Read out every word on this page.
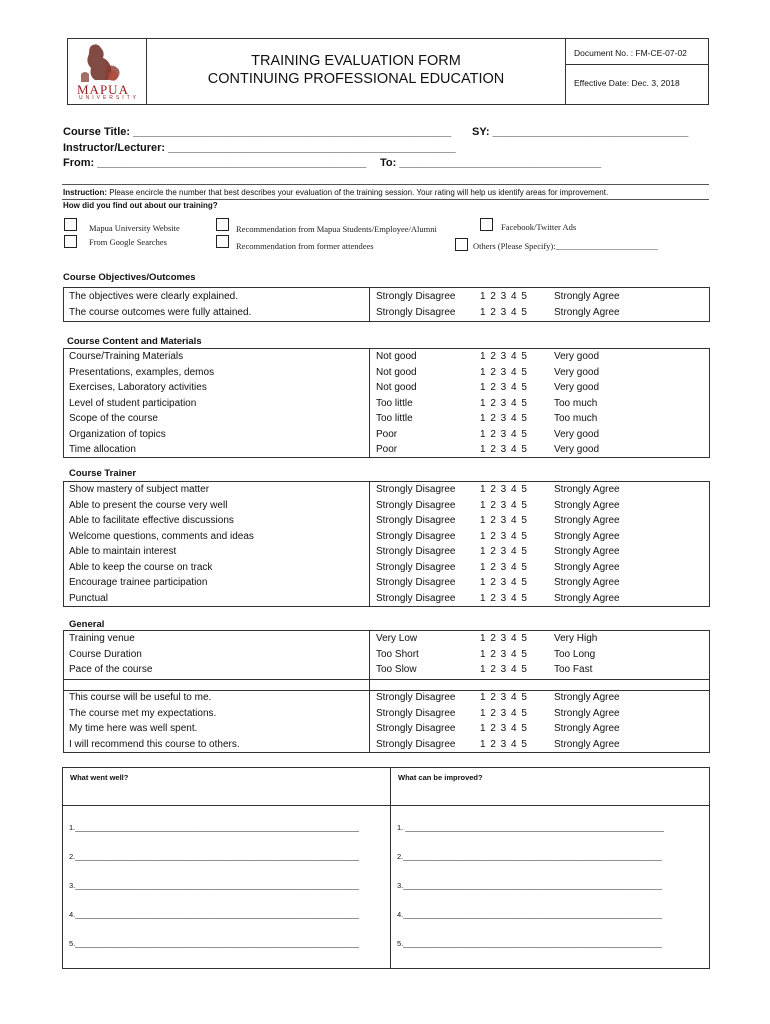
MAPUA
UNIVERSITY
TRAINING EVALUATION FORM
CONTINUING PROFESSIONAL EDUCATION
Document No. : FM-CE-07-02
Effective Date: Dec. 3, 2018
Course Title: ____________________________________________________ SY: ________________________________
Instructor/Lecturer: _______________________________________________
From: ____________________________________________ To: _________________________________
Instruction: Please encircle the number that best describes your evaluation of the training session. Your rating will help us identify areas for improvement.
How did you find out about our training?
Mapua University Website
From Google Searches
Recommendation from Mapua Students/Employee/Alumni
Recommendation from former attendees
Facebook/Twitter Ads
Others (Please Specify):________________________
Course Objectives/Outcomes
The objectives were clearly explained.	Strongly Disagree 1 2 3 4 5	Strongly Agree
The course outcomes were fully attained.	Strongly Disagree 1 2 3 4 5	Strongly Agree
Course Content and Materials
Course/Training Materials	Not good	1 2 3 4 5	Very good
Presentations, examples, demos	Not good	1 2 3 4 5	Very good
Exercises, Laboratory activities	Not good	1 2 3 4 5	Very good
Level of student participation	Too little	1 2 3 4 5	Too much
Scope of the course	Too little	1 2 3 4 5	Too much
Organization of topics	Poor	1 2 3 4 5	Very good
Time allocation	Poor	1 2 3 4 5	Very good
Course Trainer
Show mastery of subject matter	Strongly Disagree 1 2 3 4 5	Strongly Agree
Able to present the course very well	Strongly Disagree 1 2 3 4 5	Strongly Agree
Able to facilitate effective discussions	Strongly Disagree 1 2 3 4 5	Strongly Agree
Welcome questions, comments and ideas	Strongly Disagree 1 2 3 4 5	Strongly Agree
Able to maintain interest	Strongly Disagree 1 2 3 4 5	Strongly Agree
Able to keep the course on track	Strongly Disagree 1 2 3 4 5	Strongly Agree
Encourage trainee participation	Strongly Disagree 1 2 3 4 5	Strongly Agree
Punctual	Strongly Disagree 1 2 3 4 5	Strongly Agree
General
Training venue	Very Low	1 2 3 4 5	Very High
Course Duration	Too Short	1 2 3 4 5	Too Long
Pace of the course	Too Slow	1 2 3 4 5	Too Fast
This course will be useful to me.	Strongly Disagree 1 2 3 4 5	Strongly Agree
The course met my expectations.	Strongly Disagree 1 2 3 4 5	Strongly Agree
My time here was well spent.	Strongly Disagree 1 2 3 4 5	Strongly Agree
I will recommend this course to others.	Strongly Disagree 1 2 3 4 5	Strongly Agree
What went well?	What can be improved?
1.____________________________________________________________________
2.____________________________________________________________________
3.____________________________________________________________________
4.____________________________________________________________________
5.____________________________________________________________________
1. ______________________________________________________________
2.______________________________________________________________
3.______________________________________________________________
4.______________________________________________________________
5.______________________________________________________________
